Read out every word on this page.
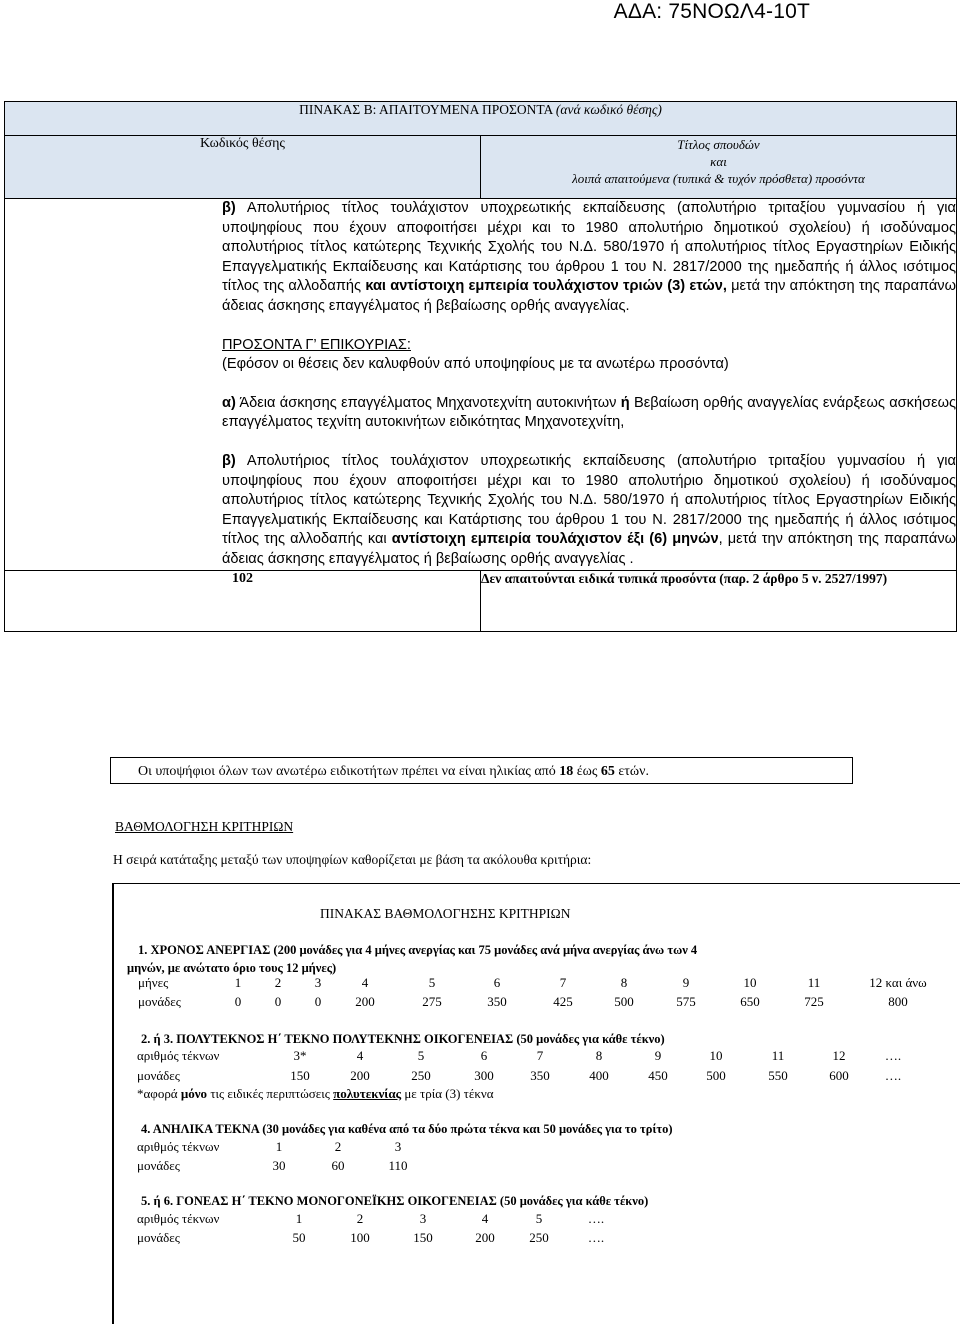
ΑΔΑ: 75ΝΟΩΛ4-10Τ
ΠΙΝΑΚΑΣ Β: ΑΠΑΙΤΟΥΜΕΝΑ ΠΡΟΣΟΝΤΑ (ανά κωδικό θέσης)	
Κωδικός θέσης	Τίτλος σπουδών
και
λοιπά απαιτούμενα (τυπικά & τυχόν πρόσθετα) προσόντα

β) Απολυτήριος τίτλος τουλάχιστον υποχρεωτικής εκπαίδευσης (απολυτήριο τριταξίου γυμνασίου ή για υποψηφίους που έχουν αποφοιτήσει μέχρι και το 1980 απολυτήριο δημοτικού σχολείου) ή ισοδύναμος απολυτήριος τίτλος κατώτερης Τεχνικής Σχολής του Ν.Δ. 580/1970 ή απολυτήριος τίτλος Εργαστηρίων Ειδικής Επαγγελματικής Εκπαίδευσης και Κατάρτισης του άρθρου 1 του Ν. 2817/2000 της ημεδαπής ή άλλος ισότιμος τίτλος της αλλοδαπής και αντίστοιχη εμπειρία τουλάχιστον τριών (3) ετών, μετά την απόκτηση της παραπάνω άδειας άσκησης επαγγέλματος ή βεβαίωσης ορθής αναγγελίας.

ΠΡΟΣΟΝΤΑ Γ’ ΕΠΙΚΟΥΡΙΑΣ:

(Εφόσον οι θέσεις δεν καλυφθούν από υποψηφίους με τα ανωτέρω προσόντα)

α) Άδεια άσκησης επαγγέλματος Μηχανοτεχνίτη αυτοκινήτων ή Βεβαίωση ορθής αναγγελίας ενάρξεως ασκήσεως επαγγέλματος τεχνίτη αυτοκινήτων ειδικότητας Μηχανοτεχνίτη,

β) Απολυτήριος τίτλος τουλάχιστον υποχρεωτικής εκπαίδευσης (απολυτήριο τριταξίου γυμνασίου ή για υποψηφίους που έχουν αποφοιτήσει μέχρι και το 1980 απολυτήριο δημοτικού σχολείου) ή ισοδύναμος απολυτήριος τίτλος κατώτερης Τεχνικής Σχολής του Ν.Δ. 580/1970 ή απολυτήριος τίτλος Εργαστηρίων Ειδικής Επαγγελματικής Εκπαίδευσης και Κατάρτισης του άρθρου 1 του Ν. 2817/2000 της ημεδαπής ή άλλος ισότιμος τίτλος της αλλοδαπής και αντίστοιχη εμπειρία τουλάχιστον έξι (6) μηνών, μετά την απόκτηση της παραπάνω άδειας άσκησης επαγγέλματος ή βεβαίωσης ορθής αναγγελίας .	

102	Δεν απαιτούνται ειδικά τυπικά προσόντα (παρ. 2 άρθρο 5 ν. 2527/1997)
Οι υποψήφιοι όλων των ανωτέρω ειδικοτήτων πρέπει να είναι ηλικίας από 18 έως 65 ετών.
ΒΑΘΜΟΛΟΓΗΣΗ ΚΡΙΤΗΡΙΩΝ
Η σειρά κατάταξης μεταξύ των υποψηφίων καθορίζεται με βάση τα ακόλουθα κριτήρια:
ΠΙΝΑΚΑΣ ΒΑΘΜΟΛΟΓΗΣΗΣ ΚΡΙΤΗΡΙΩΝ
1. ΧΡΟΝΟΣ ΑΝΕΡΓΙΑΣ (200 μονάδες για 4 μήνες ανεργίας και 75 μονάδες ανά μήνα ανεργίας άνω των 4
μηνών, με ανώτατο όριο τους 12 μήνες)
μήνες	1	2	3	4	5	6	7	8	9	10	11	12 και άνω
μονάδες	0	0	0	200	275	350	425	500	575	650	725	800
2. ή 3. ΠΟΛΥΤΕΚΝΟΣ Η΄ ΤΕΚΝΟ ΠΟΛΥΤΕΚΝΗΣ ΟΙΚΟΓΕΝΕΙΑΣ (50 μονάδες για κάθε τέκνο)
αριθμός τέκνων	3*	4	5	6	7	8	9	10	11	12	….
μονάδες	150	200	250	300	350	400	450	500	550	600	….
*αφορά μόνο τις ειδικές περιπτώσεις πολυτεκνίας με τρία (3) τέκνα
4. ΑΝΗΛΙΚΑ ΤΕΚΝΑ (30 μονάδες για καθένα από τα δύο πρώτα τέκνα και 50 μονάδες για το τρίτο)
αριθμός τέκνων	1	2	3
μονάδες	30	60	110
5. ή 6. ΓΟΝΕΑΣ Η΄ ΤΕΚΝΟ ΜΟΝΟΓΟΝΕΪΚΗΣ ΟΙΚΟΓΕΝΕΙΑΣ (50 μονάδες για κάθε τέκνο)
αριθμός τέκνων	1	2	3	4	5	….
μονάδες	50	100	150	200	250	….
